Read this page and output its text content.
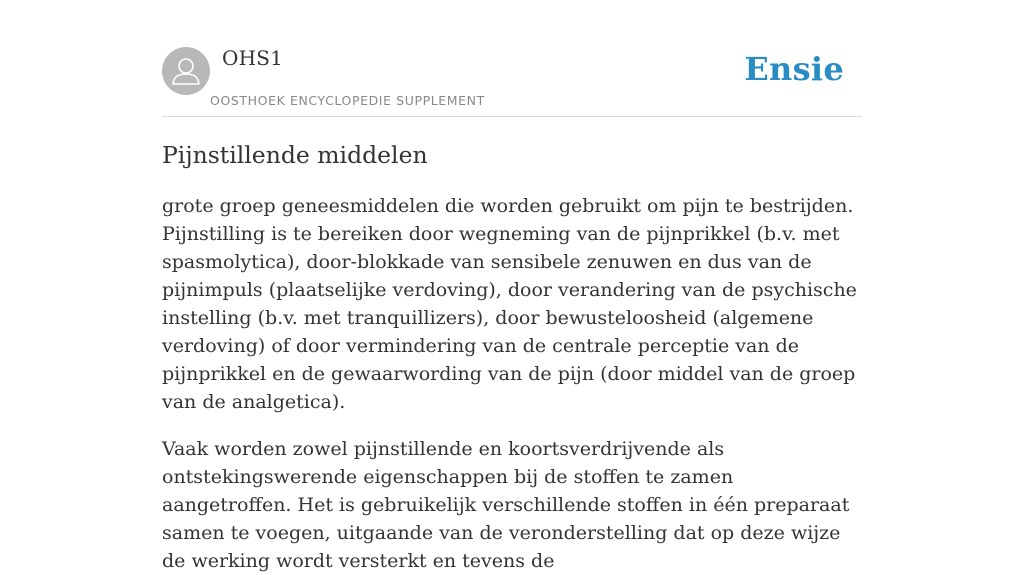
OHS1
OOSTHOEK ENCYCLOPEDIE SUPPLEMENT
Ensie
Pijnstillende middelen

grote groep geneesmiddelen die worden gebruikt om pijn te bestrijden. Pijnstilling is te bereiken door wegneming van de pijnprikkel (b.v. met spasmolytica), door-blokkade van sensibele zenuwen en dus van de pijnimpuls (plaatselijke verdoving), door verandering van de psychische instelling (b.v. met tranquillizers), door bewusteloosheid (algemene verdoving) of door vermindering van de centrale perceptie van de pijnprikkel en de gewaarwording van de pijn (door middel van de groep van de analgetica).

Vaak worden zowel pijnstillende en koortsverdrijvende als ontstekingswerende eigenschappen bij de stoffen te zamen aangetroffen. Het is gebruikelijk verschillende stoffen in één preparaat samen te voegen, uitgaande van de veronderstelling dat op deze wijze de werking wordt versterkt en tevens de
